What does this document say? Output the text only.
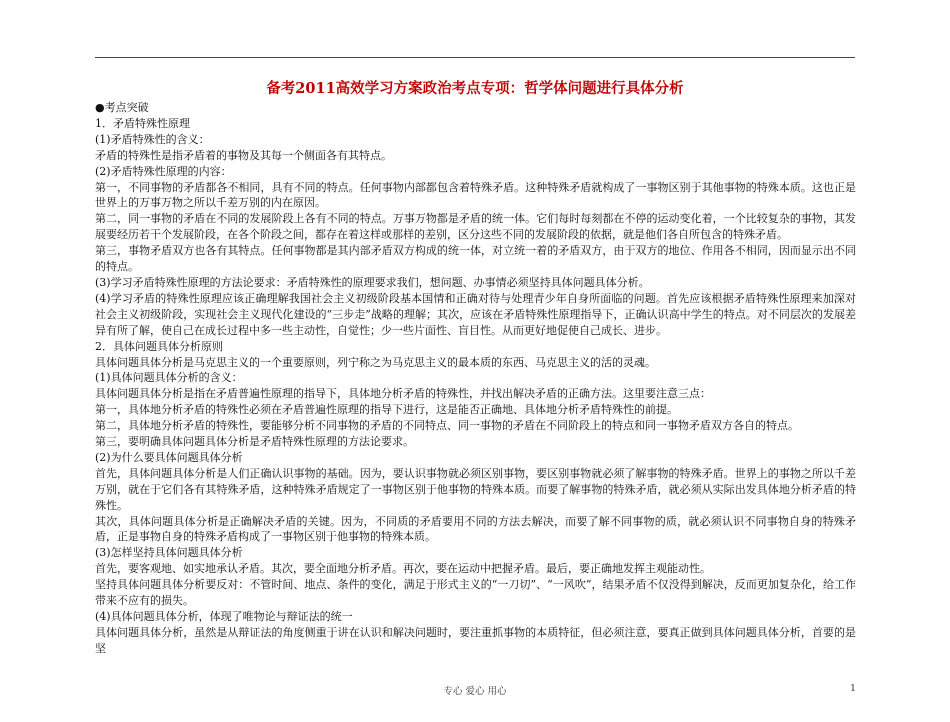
备考2011高效学习方案政治考点专项：哲学体问题进行具体分析

●考点突破

1．矛盾特殊性原理

(1)矛盾特殊性的含义：

矛盾的特殊性是指矛盾着的事物及其每一个侧面各有其特点。

(2)矛盾特殊性原理的内容：

第一，不同事物的矛盾都各不相同，具有不同的特点。任何事物内部都包含着特殊矛盾。这种特殊矛盾就构成了一事物区别于其他事物的特殊本质。这也正是世界上的万事万物之所以千差万别的内在原因。

第二，同一事物的矛盾在不同的发展阶段上各有不同的特点。万事万物都是矛盾的统一体。它们每时每刻都在不停的运动变化着，一个比较复杂的事物，其发展要经历若干个发展阶段，在各个阶段之间，都存在着这样或那样的差别，区分这些不同的发展阶段的依据，就是他们各自所包含的特殊矛盾。

第三，事物矛盾双方也各有其特点。任何事物都是其内部矛盾双方构成的统一体，对立统一着的矛盾双方，由于双方的地位、作用各不相同，因而显示出不同的特点。

(3)学习矛盾特殊性原理的方法论要求：矛盾特殊性的原理要求我们，想问题、办事情必须坚持具体问题具体分析。

(4)学习矛盾的特殊性原理应该正确理解我国社会主义初级阶段基本国情和正确对待与处理青少年自身所面临的问题。首先应该根据矛盾特殊性原理来加深对社会主义初级阶段，实现社会主义现代化建设的“三步走”战略的理解；其次，应该在矛盾特殊性原理指导下，正确认识高中学生的特点。对不同层次的发展差异有所了解，使自己在成长过程中多一些主动性，自觉性；少一些片面性、盲目性。从而更好地促使自己成长、进步。

2．具体问题具体分析原则

具体问题具体分析是马克思主义的一个重要原则，列宁称之为马克思主义的最本质的东西、马克思主义的活的灵魂。

(1)具体问题具体分析的含义：

具体问题具体分析是指在矛盾普遍性原理的指导下，具体地分析矛盾的特殊性，并找出解决矛盾的正确方法。这里要注意三点：

第一，具体地分析矛盾的特殊性必须在矛盾普遍性原理的指导下进行，这是能否正确地、具体地分析矛盾特殊性的前提。

第二，具体地分析矛盾的特殊性，要能够分析不同事物的矛盾的不同特点、同一事物的矛盾在不同阶段上的特点和同一事物矛盾双方各自的特点。

第三，要明确具体问题具体分析是矛盾特殊性原理的方法论要求。

(2)为什么要具体问题具体分析

首先，具体问题具体分析是人们正确认识事物的基础。因为，要认识事物就必须区别事物，要区别事物就必须了解事物的特殊矛盾。世界上的事物之所以千差万别，就在于它们各有其特殊矛盾，这种特殊矛盾规定了一事物区别于他事物的特殊本质。而要了解事物的特殊矛盾，就必须从实际出发具体地分析矛盾的特殊性。

其次，具体问题具体分析是正确解决矛盾的关键。因为，不同质的矛盾要用不同的方法去解决，而要了解不同事物的质，就必须认识不同事物自身的特殊矛盾，正是事物自身的特殊矛盾构成了一事物区别于他事物的特殊本质。

(3)怎样坚持具体问题具体分析

首先，要客观地、如实地承认矛盾。其次，要全面地分析矛盾。再次，要在运动中把握矛盾。最后，要正确地发挥主观能动性。

坚持具体问题具体分析要反对：不管时间、地点、条件的变化，满足于形式主义的“一刀切”、“一风吹”，结果矛盾不仅没得到解决，反而更加复杂化，给工作带来不应有的损失。

(4)具体问题具体分析，体现了唯物论与辩证法的统一

具体问题具体分析，虽然是从辩证法的角度侧重于讲在认识和解决问题时，要注重抓事物的本质特征，但必须注意，要真正做到具体问题具体分析，首要的是坚

专心 爱心 用心	1
